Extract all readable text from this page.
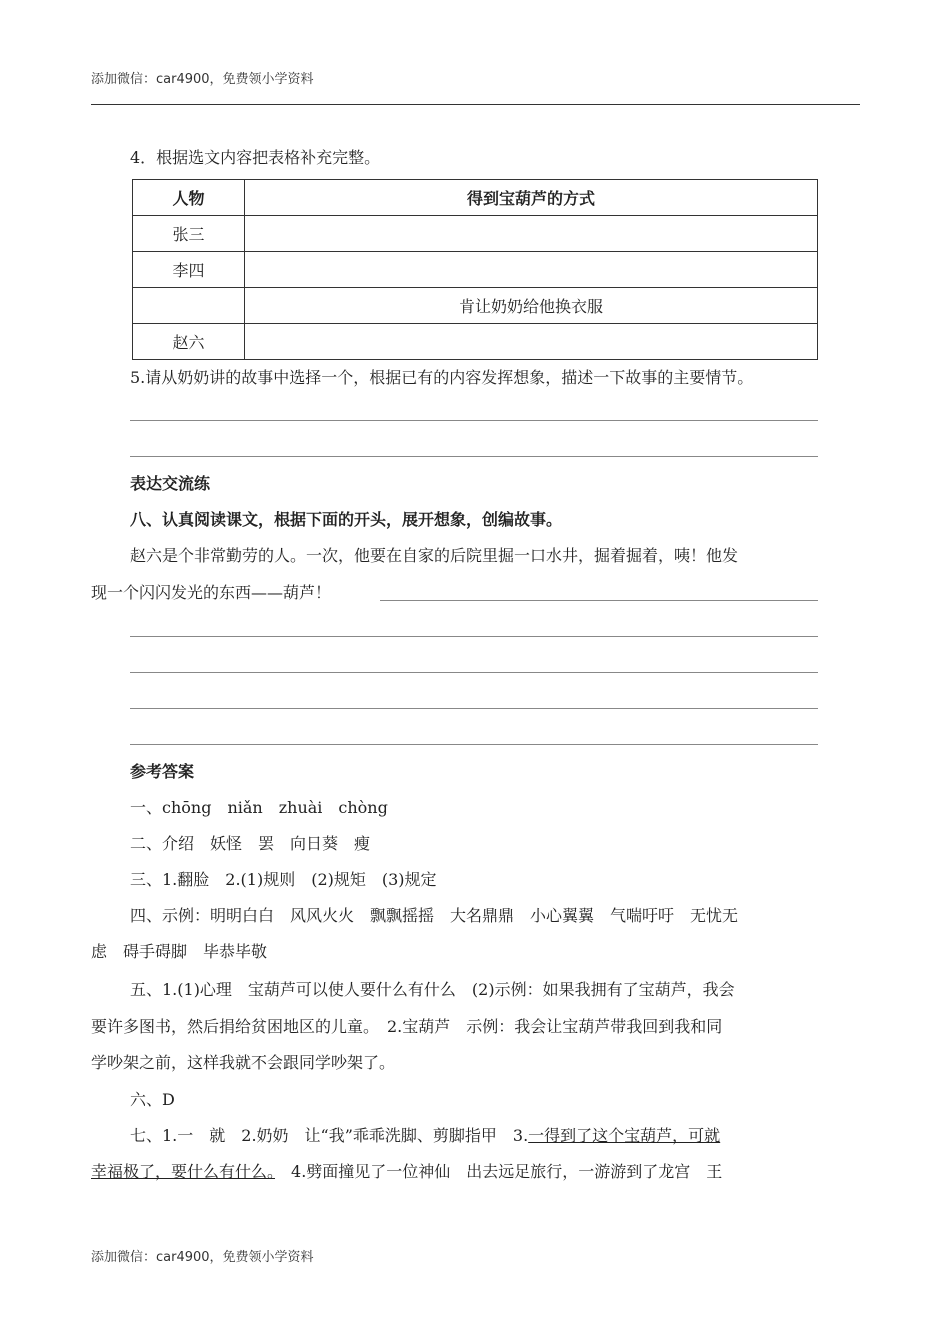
添加微信：car4900，免费领小学资料
4．根据选文内容把表格补充完整。
人物	得到宝葫芦的方式
张三	
李四	
	肯让奶奶给他换衣服
赵六	
5.请从奶奶讲的故事中选择一个，根据已有的内容发挥想象，描述一下故事的主要情节。
表达交流练
八、认真阅读课文，根据下面的开头，展开想象，创编故事。
赵六是个非常勤劳的人。一次，他要在自家的后院里掘一口水井，掘着掘着，咦！他发
现一个闪闪发光的东西——葫芦！
参考答案
一、chōng　niǎn　zhuài　chòng
二、介绍　妖怪　罢　向日葵　瘦
三、1.翻脸　2.(1)规则　(2)规矩　(3)规定
四、示例：明明白白　风风火火　飘飘摇摇　大名鼎鼎　小心翼翼　气喘吁吁　无忧无
虑　碍手碍脚　毕恭毕敬
五、1.(1)心理　宝葫芦可以使人要什么有什么　(2)示例：如果我拥有了宝葫芦，我会
要许多图书，然后捐给贫困地区的儿童。　2.宝葫芦　示例：我会让宝葫芦带我回到我和同
学吵架之前，这样我就不会跟同学吵架了。
六、D
七、1.一　就　2.奶奶　让“我”乖乖洗脚、剪脚指甲　3.一得到了这个宝葫芦，可就
幸福极了，要什么有什么。　4.劈面撞见了一位神仙　出去远足旅行，一游游到了龙宫　王
添加微信：car4900，免费领小学资料
